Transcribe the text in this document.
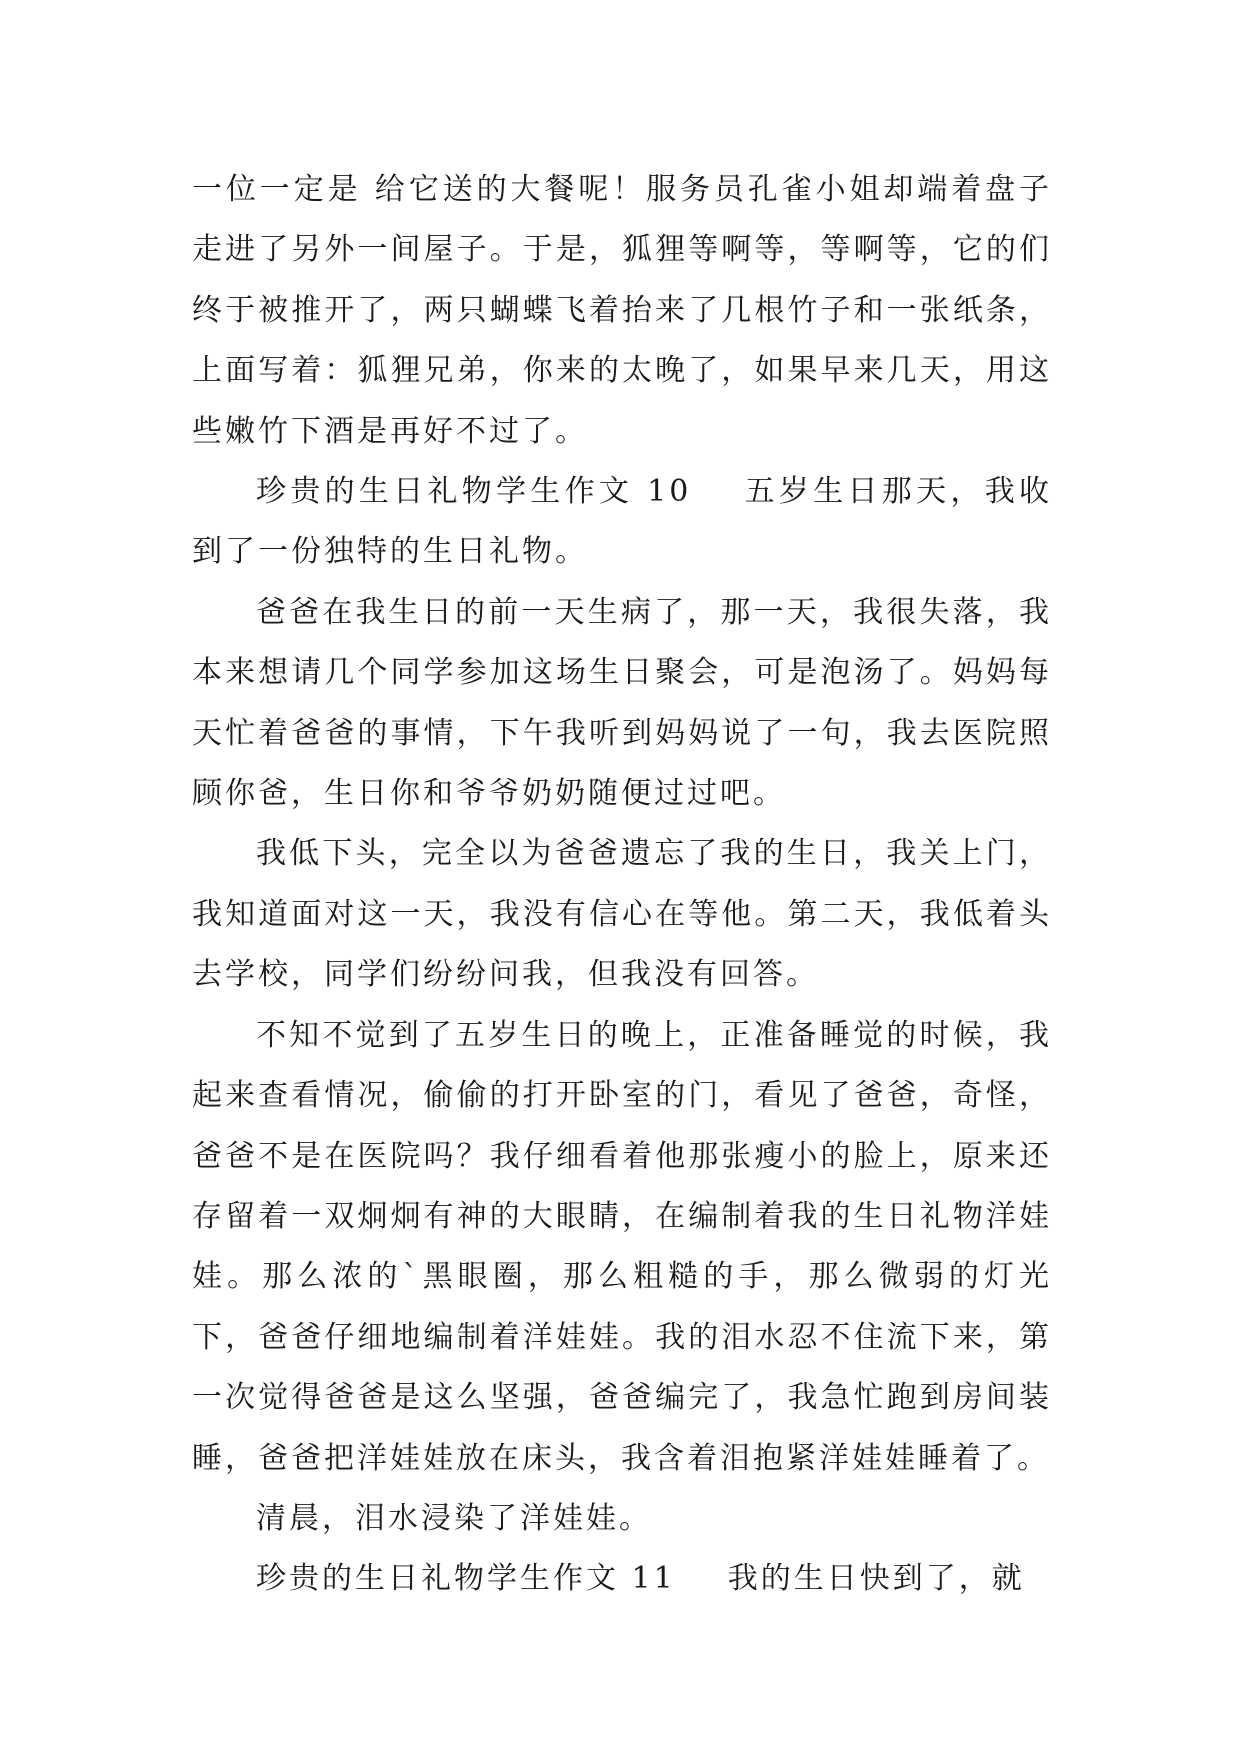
一位一定是 给它送的大餐呢！服务员孔雀小姐却端着盘子走进了另外一间屋子。于是，狐狸等啊等，等啊等，它的们终于被推开了，两只蝴蝶飞着抬来了几根竹子和一张纸条，上面写着：狐狸兄弟，你来的太晚了，如果早来几天，用这些嫩竹下酒是再好不过了。

珍贵的生日礼物学生作文 10 五岁生日那天，我收到了一份独特的生日礼物。

爸爸在我生日的前一天生病了，那一天，我很失落，我本来想请几个同学参加这场生日聚会，可是泡汤了。妈妈每天忙着爸爸的事情，下午我听到妈妈说了一句，我去医院照顾你爸，生日你和爷爷奶奶随便过过吧。

我低下头，完全以为爸爸遗忘了我的生日，我关上门，我知道面对这一天，我没有信心在等他。第二天，我低着头去学校，同学们纷纷问我，但我没有回答。

不知不觉到了五岁生日的晚上，正准备睡觉的时候，我起来查看情况，偷偷的打开卧室的门，看见了爸爸，奇怪，爸爸不是在医院吗？我仔细看着他那张瘦小的脸上，原来还存留着一双炯炯有神的大眼睛，在编制着我的生日礼物洋娃娃。那么浓的`黑眼圈，那么粗糙的手，那么微弱的灯光下，爸爸仔细地编制着洋娃娃。我的泪水忍不住流下来，第一次觉得爸爸是这么坚强，爸爸编完了，我急忙跑到房间装睡，爸爸把洋娃娃放在床头，我含着泪抱紧洋娃娃睡着了。

清晨，泪水浸染了洋娃娃。

珍贵的生日礼物学生作文 11 我的生日快到了，就
